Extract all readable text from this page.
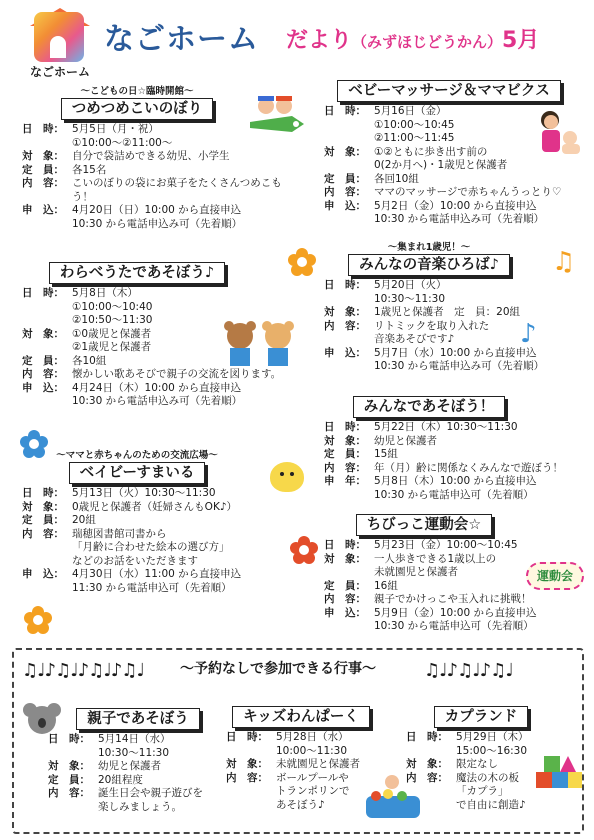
なごホーム
なごホーム だより（みずほじどうかん）5月
～こどもの日☆臨時開館～
つめつめこいのぼり
日　時： 5月5日（月・祝）
①10:00～②11:00～
対　象： 自分で袋詰めできる幼児、小学生
定　員： 各15名
内　容： こいのぼりの袋にお菓子をたくさんつめこも
う！
申　込： 4月20日（日）10:00 から直接申込
10:30 から電話申込み可（先着順）
わらべうたであそぼう♪
日　時： 5月8日（木）
①10:00～10:40
②10:50～11:30
対　象： ①0歳児と保護者
②1歳児と保護者
定　員： 各10組
内　容： 懐かしい歌あそびで親子の交流を図ります。
申　込： 4月24日（木）10:00 から直接申込
10:30 から電話申込み可（先着順）
～ママと赤ちゃんのための交流広場～
ベイビーすまいる
日　時： 5月13日（火）10:30～11:30
対　象： 0歳児と保護者（妊婦さんもOK♪）
定　員： 20組
内　容： 瑞穂図書館司書から
「月齢に合わせた絵本の選び方」
などのお話をいただきます
申　込： 4月30日（水）11:00 から直接申込
11:30 から電話申込可（先着順）
ベビーマッサージ＆ママビクス
日　時： 5月16日（金）
①10:00～10:45
②11:00～11:45
対　象： ①②ともに歩き出す前の
0(2か月へ)・1歳児と保護者
定　員： 各回10組
内　容： ママのマッサージで赤ちゃんうっとり♡
申　込： 5月2日（金）10:00 から直接申込
10:30 から電話申込み可（先着順）
～集まれ1歳児！～
みんなの音楽ひろば♪
日　時： 5月20日（火）
10:30～11:30
対　象： 1歳児と保護者　定　員：20組
内　容： リトミックを取り入れた
音楽あそびです♪
申　込： 5月7日（水）10:00 から直接申込
10:30 から電話申込み可（先着順）
みんなであそぼう！
日　時： 5月22日（木）10:30～11:30
対　象： 幼児と保護者
定　員： 15組
内　容： 年（月）齢に関係なくみんなで遊ぼう！
申　年： 5月8日（木）10:00 から直接申込
10:30 から電話申込可（先着順）
ちびっこ運動会☆
日　時： 5月23日（金）10:00～10:45
対　象： 一人歩きできる1歳以上の
未就園児と保護者
定　員： 16組
内　容： 親子でかけっこや玉入れに挑戦！
申　込： 5月9日（金）10:00 から直接申込
10:30 から電話申込可（先着順）
運動会
♫
♪
♫♩♪♫♩♪♫♩♪♫♩	～予約なしで参加できる行事～	♫♩♪♫♩♪♫♩
親子であそぼう
日　時： 5月14日（水）
10:30～11:30
対　象： 幼児と保護者
定　員： 20組程度
内　容： 誕生日会や親子遊びを
楽しみましょう。
キッズわんぱーく
日　時： 5月28日（水）
10:00～11:30
対　象： 未就園児と保護者
内　容： ボールプールや
トランポリンで
あそぼう♪
カプランド
日　時： 5月29日（木）
15:00～16:30
対　象： 限定なし
内　容： 魔法の木の板
「カプラ」
で自由に創造♪
